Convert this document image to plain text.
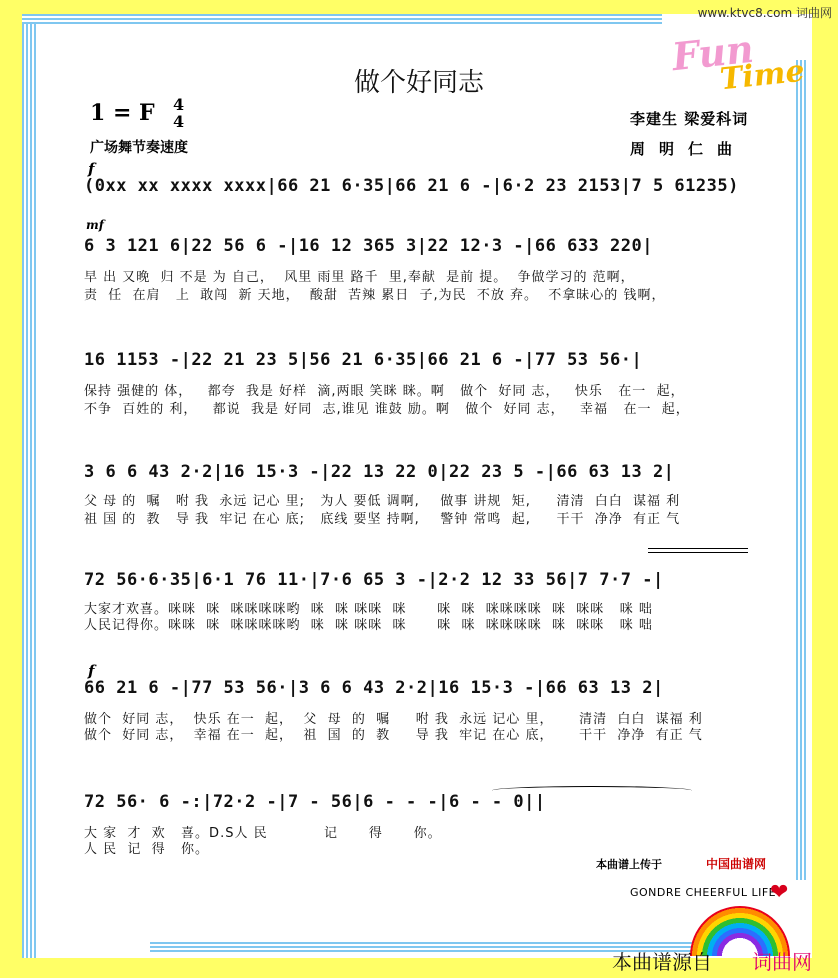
www.ktvc8.com 词曲网
Fun
Time
做个好同志
1 = F 4
4
广场舞节奏速度
李建生 梁爱科词
周明仁曲
f
mf
f
(0xx xx xxxx xxxx|66 21 6·35|66 21 6 -|6·2 23 2153|7 5 61235)
6 3 121 6|22 56 6 -|16 12 365 3|22 12·3 -|66 633 220|
早 出 又晚  归 不是 为 自己，  风里 雨里 路千  里,奉献  是前 提。  争做学习的 范啊，
责  任  在肩   上  敢闯  新 天地，  酸甜  苦辣 累日  子,为民  不放 弃。  不拿昧心的 钱啊，
16 1153 -|22 21 23 5|56 21 6·35|66 21 6 -|77 53 56·|
保持 强健的 体，   都夸  我是 好样  滴,两眼 笑眯 眯。啊   做个  好同 志，   快乐   在一  起，
不争  百姓的 利，   都说  我是 好同  志,谁见 谁鼓 励。啊   做个  好同 志，   幸福   在一  起，
3 6 6 43 2·2|16 15·3 -|22 13 22 0|22 23 5 -|66 63 13 2|
父 母 的  嘱   咐 我  永远 记心 里;   为人 要低 调啊,    做事 讲规  矩,     清清  白白  谋福 利
祖 国 的  教   导 我  牢记 在心 底;   底线 要坚 持啊,    警钟 常鸣  起,     干干  净净  有正 气
72 56·6·35|6·1 76 11·|7·6 65 3 -|2·2 12 33 56|7 7·7 -|
大家才欢喜。咪咪  咪  咪咪咪咪哟  咪  咪 咪咪  咪      咪  咪  咪咪咪咪  咪  咪咪   咪 咄
人民记得你。咪咪  咪  咪咪咪咪哟  咪  咪 咪咪  咪      咪  咪  咪咪咪咪  咪  咪咪   咪 咄
66 21 6 -|77 53 56·|3 6 6 43 2·2|16 15·3 -|66 63 13 2|
做个  好同 志，  快乐 在一  起，  父  母  的  嘱     咐 我  永远 记心 里，     清清  白白  谋福 利
做个  好同 志，  幸福 在一  起，  祖  国  的  教     导 我  牢记 在心 底，     干干  净净  有正 气
72 56· 6 -:|72·2 -|7 - 56|6 - - -|6 - - 0||
大 家  才  欢   喜。D.S人 民           记      得      你。
人 民  记  得   你。
本曲谱上传于	中国曲谱网
GONDRE CHEERFUL LIFE
❤
本曲谱源自 词曲网
